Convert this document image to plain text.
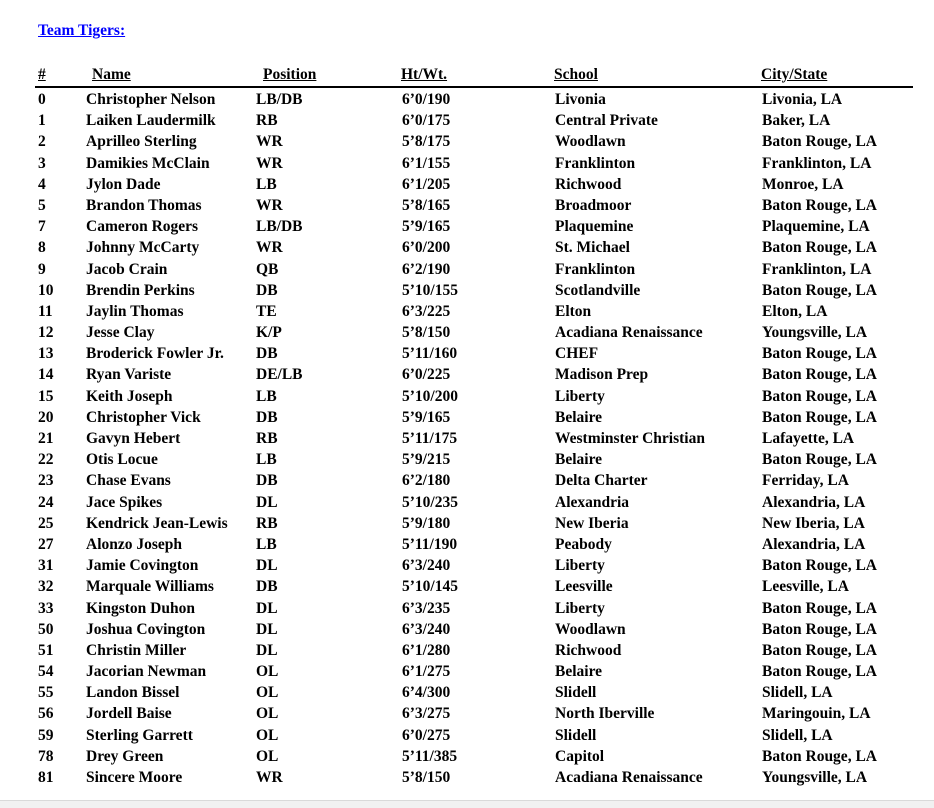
Team Tigers:
#	Name	Position	Ht/Wt.	School	City/State
0	Christopher Nelson	LB/DB	6’0/190	Livonia	Livonia, LA
1	Laiken Laudermilk	RB	6’0/175	Central Private	Baker, LA
2	Aprilleo Sterling	WR	5’8/175	Woodlawn	Baton Rouge, LA
3	Damikies McClain	WR	6’1/155	Franklinton	Franklinton, LA
4	Jylon Dade	LB	6’1/205	Richwood	Monroe, LA
5	Brandon Thomas	WR	5’8/165	Broadmoor	Baton Rouge, LA
7	Cameron Rogers	LB/DB	5’9/165	Plaquemine	Plaquemine, LA
8	Johnny McCarty	WR	6’0/200	St. Michael	Baton Rouge, LA
9	Jacob Crain	QB	6’2/190	Franklinton	Franklinton, LA
10	Brendin Perkins	DB	5’10/155	Scotlandville	Baton Rouge, LA
11	Jaylin Thomas	TE	6’3/225	Elton	Elton, LA
12	Jesse Clay	K/P	5’8/150	Acadiana Renaissance	Youngsville, LA
13	Broderick Fowler Jr.	DB	5’11/160	CHEF	Baton Rouge, LA
14	Ryan Variste	DE/LB	6’0/225	Madison Prep	Baton Rouge, LA
15	Keith Joseph	LB	5’10/200	Liberty	Baton Rouge, LA
20	Christopher Vick	DB	5’9/165	Belaire	Baton Rouge, LA
21	Gavyn Hebert	RB	5’11/175	Westminster Christian	Lafayette, LA
22	Otis Locue	LB	5’9/215	Belaire	Baton Rouge, LA
23	Chase Evans	DB	6’2/180	Delta Charter	Ferriday, LA
24	Jace Spikes	DL	5’10/235	Alexandria	Alexandria, LA
25	Kendrick Jean-Lewis	RB	5’9/180	New Iberia	New Iberia, LA
27	Alonzo Joseph	LB	5’11/190	Peabody	Alexandria, LA
31	Jamie Covington	DL	6’3/240	Liberty	Baton Rouge, LA
32	Marquale Williams	DB	5’10/145	Leesville	Leesville, LA
33	Kingston Duhon	DL	6’3/235	Liberty	Baton Rouge, LA
50	Joshua Covington	DL	6’3/240	Woodlawn	Baton Rouge, LA
51	Christin Miller	DL	6’1/280	Richwood	Baton Rouge, LA
54	Jacorian Newman	OL	6’1/275	Belaire	Baton Rouge, LA
55	Landon Bissel	OL	6’4/300	Slidell	Slidell, LA
56	Jordell Baise	OL	6’3/275	North Iberville	Maringouin, LA
59	Sterling Garrett	OL	6’0/275	Slidell	Slidell, LA
78	Drey Green	OL	5’11/385	Capitol	Baton Rouge, LA
81	Sincere Moore	WR	5’8/150	Acadiana Renaissance	Youngsville, LA
